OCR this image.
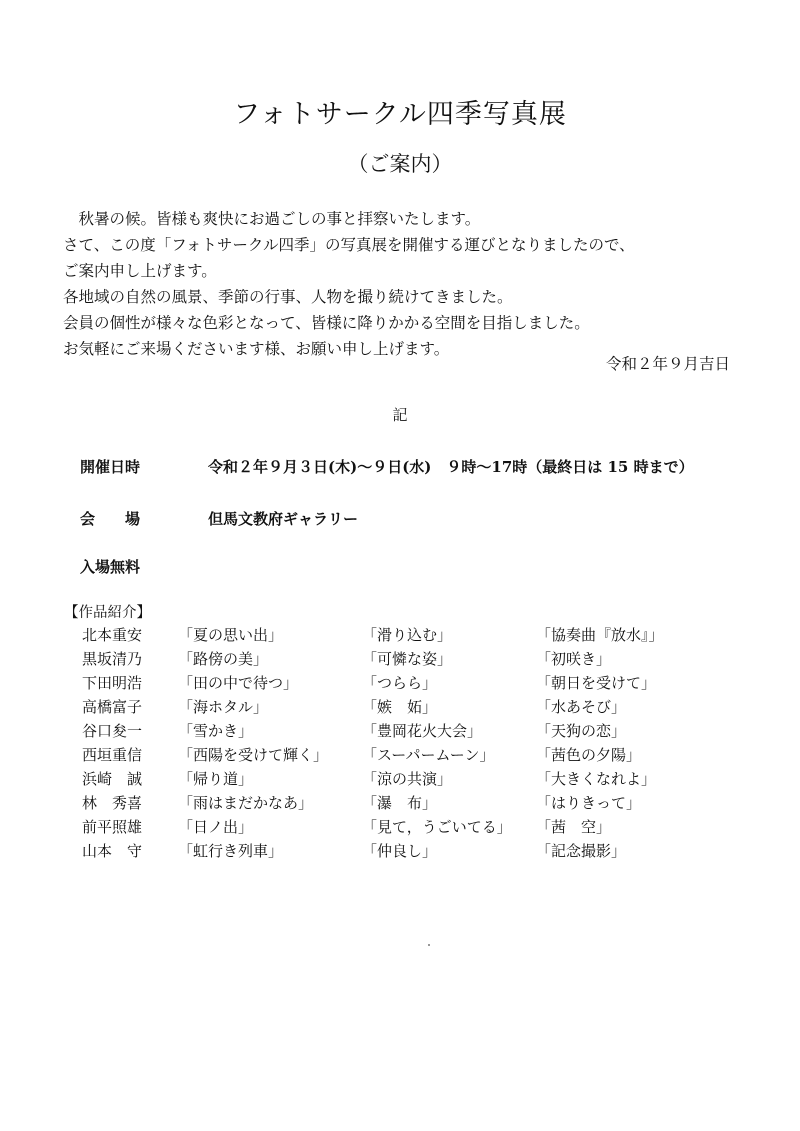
フォトサークル四季写真展
（ご案内）

　秋暑の候。皆様も爽快にお過ごしの事と拝察いたします。

さて、この度「フォトサークル四季」の写真展を開催する運びとなりましたので、

ご案内申し上げます。

各地域の自然の風景、季節の行事、人物を撮り続けてきました。

会員の個性が様々な色彩となって、皆様に降りかかる空間を目指しました。

お気軽にご来場くださいます様、お願い申し上げます。

令和２年９月吉日
記
開催日時	令和２年９月３日(木)～９日(水)　９時～17時（最終日は 15 時まで）
会　　場	但馬文教府ギャラリー
入場無料
【作品紹介】
北本重安 「夏の思い出」	「滑り込む」	「協奏曲『放水』」
黒坂清乃 「路傍の美」	「可憐な姿」	「初咲き」
下田明浩 「田の中で待つ」	「つらら」	「朝日を受けて」
高橋富子 「海ホタル」	「嫉　妬」	「水あそび」
谷口夋一 「雪かき」	「豊岡花火大会」	「天狗の恋」
西垣重信 「西陽を受けて輝く」 「スーパームーン」	「茜色の夕陽」
浜崎　誠 「帰り道」	「涼の共演」	「大きくなれよ」
林　秀喜 「雨はまだかなあ」	「瀑　布」	「はりきって」
前平照雄 「日ノ出」	「見て，うごいてる」 「茜　空」
山本　守 「虹行き列車」	「仲良し」	「記念撮影」
